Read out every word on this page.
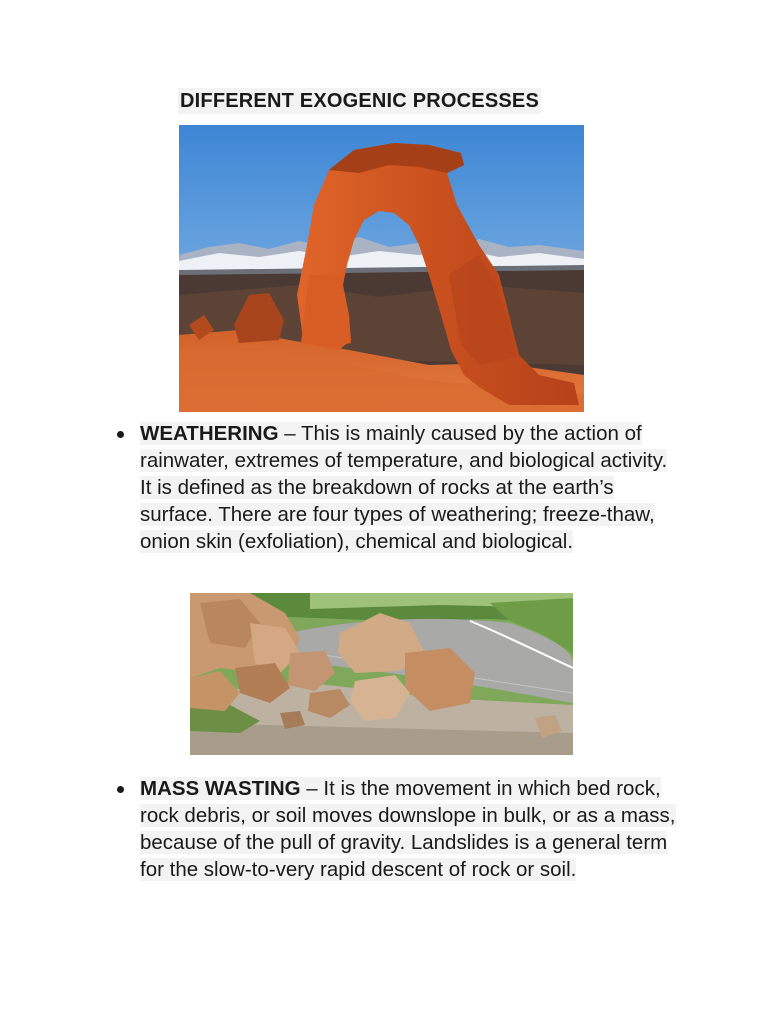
DIFFERENT EXOGENIC PROCESSES
WEATHERING – This is mainly caused by the action of rainwater, extremes of temperature, and biological activity. It is defined as the breakdown of rocks at the earth’s surface. There are four types of weathering; freeze-thaw, onion skin (exfoliation), chemical and biological.
MASS WASTING – It is the movement in which bed rock, rock debris, or soil moves downslope in bulk, or as a mass, because of the pull of gravity. Landslides is a general term for the slow-to-very rapid descent of rock or soil.
